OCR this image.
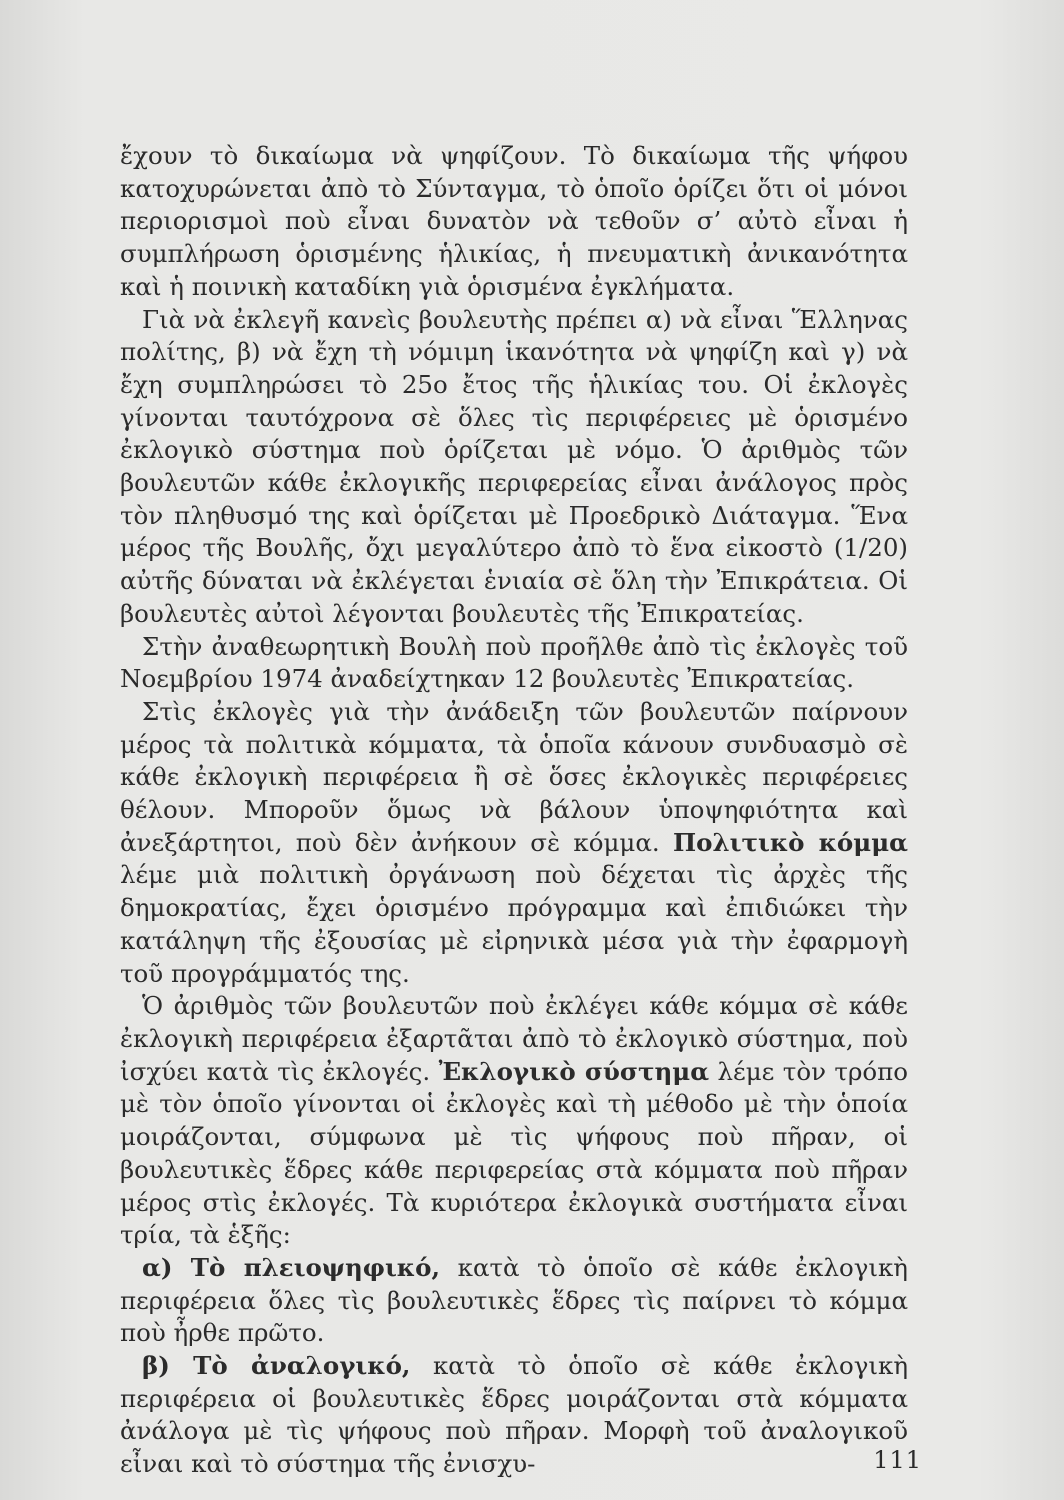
ἔχουν τὸ δικαίωμα νὰ ψηφίζουν. Τὸ δικαίωμα τῆς ψήφου κατοχυρώνεται ἀπὸ τὸ Σύνταγμα, τὸ ὁποῖο ὁρίζει ὅτι οἱ μόνοι περιορισμοὶ ποὺ εἶναι δυνατὸν νὰ τεθοῦν σ’ αὐτὸ εἶναι ἡ συμπλήρωση ὁρισμένης ἡλικίας, ἡ πνευματικὴ ἀνικανότητα καὶ ἡ ποινικὴ καταδίκη γιὰ ὁρισμένα ἐγκλήματα.

Γιὰ νὰ ἐκλεγῆ κανεὶς βουλευτὴς πρέπει α) νὰ εἶναι Ἕλληνας πολίτης, β) νὰ ἔχη τὴ νόμιμη ἱκανότητα νὰ ψηφίζη καὶ γ) νὰ ἔχη συμπληρώσει τὸ 25ο ἔτος τῆς ἡλικίας του. Οἱ ἐκλογὲς γίνονται ταυτόχρονα σὲ ὅλες τὶς περιφέρειες μὲ ὁρισμένο ἐκλογικὸ σύστημα ποὺ ὁρίζεται μὲ νόμο. Ὁ ἀριθμὸς τῶν βουλευτῶν κάθε ἐκλογικῆς περιφερείας εἶναι ἀνάλογος πρὸς τὸν πληθυσμό της καὶ ὁρίζεται μὲ Προεδρικὸ Διάταγμα. Ἕνα μέρος τῆς Βουλῆς, ὄχι μεγαλύτερο ἀπὸ τὸ ἕνα εἰκοστὸ (1/20) αὐτῆς δύναται νὰ ἐκλέγεται ἑνιαία σὲ ὅλη τὴν Ἐπικράτεια. Οἱ βουλευτὲς αὐτοὶ λέγονται βουλευτὲς τῆς Ἐπικρατείας.

Στὴν ἀναθεωρητικὴ Βουλὴ ποὺ προῆλθε ἀπὸ τὶς ἐκλογὲς τοῦ Νοεμβρίου 1974 ἀναδείχτηκαν 12 βουλευτὲς Ἐπικρατείας.

Στὶς ἐκλογὲς γιὰ τὴν ἀνάδειξη τῶν βουλευτῶν παίρνουν μέρος τὰ πολιτικὰ κόμματα, τὰ ὁποῖα κάνουν συνδυασμὸ σὲ κάθε ἐκλογικὴ περιφέρεια ἢ σὲ ὅσες ἐκλογικὲς περιφέρειες θέλουν. Μποροῦν ὅμως νὰ βάλουν ὑποψηφιότητα καὶ ἀνεξάρτητοι, ποὺ δὲν ἀνήκουν σὲ κόμμα. Πολιτικὸ κόμμα λέμε μιὰ πολιτικὴ ὀργάνωση ποὺ δέχεται τὶς ἀρχὲς τῆς δημοκρατίας, ἔχει ὁρισμένο πρόγραμμα καὶ ἐπιδιώκει τὴν κατάληψη τῆς ἐξουσίας μὲ εἰρηνικὰ μέσα γιὰ τὴν ἐφαρμογὴ τοῦ προγράμματός της.

Ὁ ἀριθμὸς τῶν βουλευτῶν ποὺ ἐκλέγει κάθε κόμμα σὲ κάθε ἐκλογικὴ περιφέρεια ἐξαρτᾶται ἀπὸ τὸ ἐκλογικὸ σύστημα, ποὺ ἰσχύει κατὰ τὶς ἐκλογές. Ἐκλογικὸ σύστημα λέμε τὸν τρόπο μὲ τὸν ὁποῖο γίνονται οἱ ἐκλογὲς καὶ τὴ μέθοδο μὲ τὴν ὁποία μοιράζονται, σύμφωνα μὲ τὶς ψήφους ποὺ πῆραν, οἱ βουλευτικὲς ἕδρες κάθε περιφερείας στὰ κόμματα ποὺ πῆραν μέρος στὶς ἐκλογές. Τὰ κυριότερα ἐκλογικὰ συστήματα εἶναι τρία, τὰ ἑξῆς:

α) Τὸ πλειοψηφικό, κατὰ τὸ ὁποῖο σὲ κάθε ἐκλογικὴ περιφέρεια ὅλες τὶς βουλευτικὲς ἕδρες τὶς παίρνει τὸ κόμμα ποὺ ἦρθε πρῶτο.

β) Τὸ ἀναλογικό, κατὰ τὸ ὁποῖο σὲ κάθε ἐκλογικὴ περιφέρεια οἱ βουλευτικὲς ἕδρες μοιράζονται στὰ κόμματα ἀνάλογα μὲ τὶς ψήφους ποὺ πῆραν. Μορφὴ τοῦ ἀναλογικοῦ εἶναι καὶ τὸ σύστημα τῆς ἐνισχυ-	111
